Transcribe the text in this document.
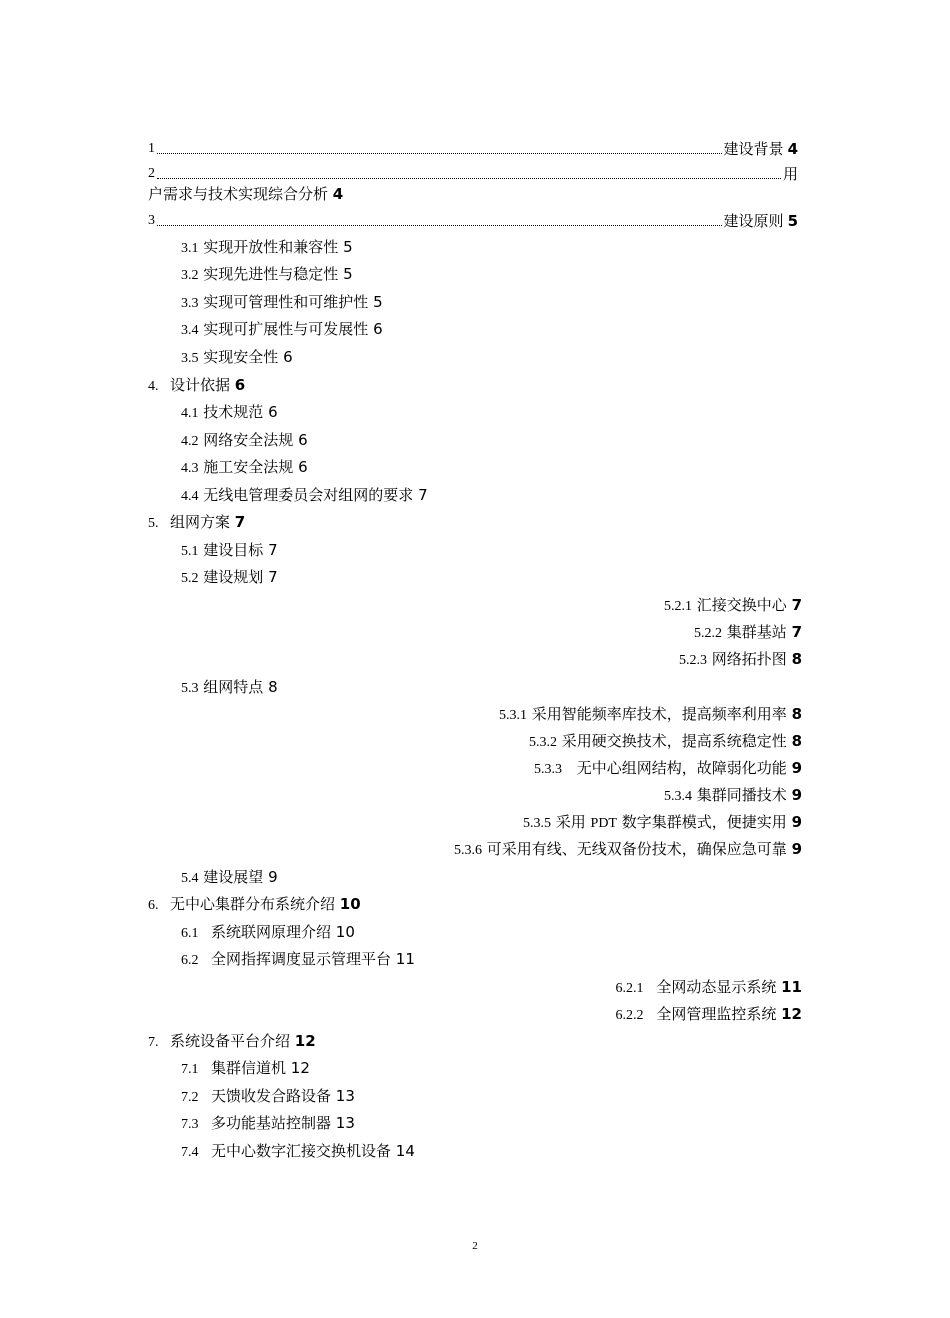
1	建设背景 4
2	用
户需求与技术实现综合分析 4
3	建设原则 5
3.1 实现开放性和兼容性 5
3.2 实现先进性与稳定性 5
3.3 实现可管理性和可维护性 5
3.4 实现可扩展性与可发展性 6
3.5 实现安全性 6
4. 设计依据 6
4.1 技术规范 6
4.2 网络安全法规 6
4.3 施工安全法规 6
4.4 无线电管理委员会对组网的要求 7
5. 组网方案 7
5.1 建设目标 7
5.2 建设规划 7
5.2.1 汇接交换中心 7
5.2.2 集群基站 7
5.2.3 网络拓扑图 8
5.3 组网特点 8
5.3.1 采用智能频率库技术，提高频率利用率 8
5.3.2 采用硬交换技术，提高系统稳定性 8
5.3.3 无中心组网结构，故障弱化功能 9
5.3.4 集群同播技术 9
5.3.5 采用 PDT 数字集群模式，便捷实用 9
5.3.6 可采用有线、无线双备份技术，确保应急可靠 9
5.4 建设展望 9
6. 无中心集群分布系统介绍 10
6.1 系统联网原理介绍 10
6.2 全网指挥调度显示管理平台 11
6.2.1 全网动态显示系统 11
6.2.2 全网管理监控系统 12
7. 系统设备平台介绍 12
7.1 集群信道机 12
7.2 天馈收发合路设备 13
7.3 多功能基站控制器 13
7.4 无中心数字汇接交换机设备 14
2
